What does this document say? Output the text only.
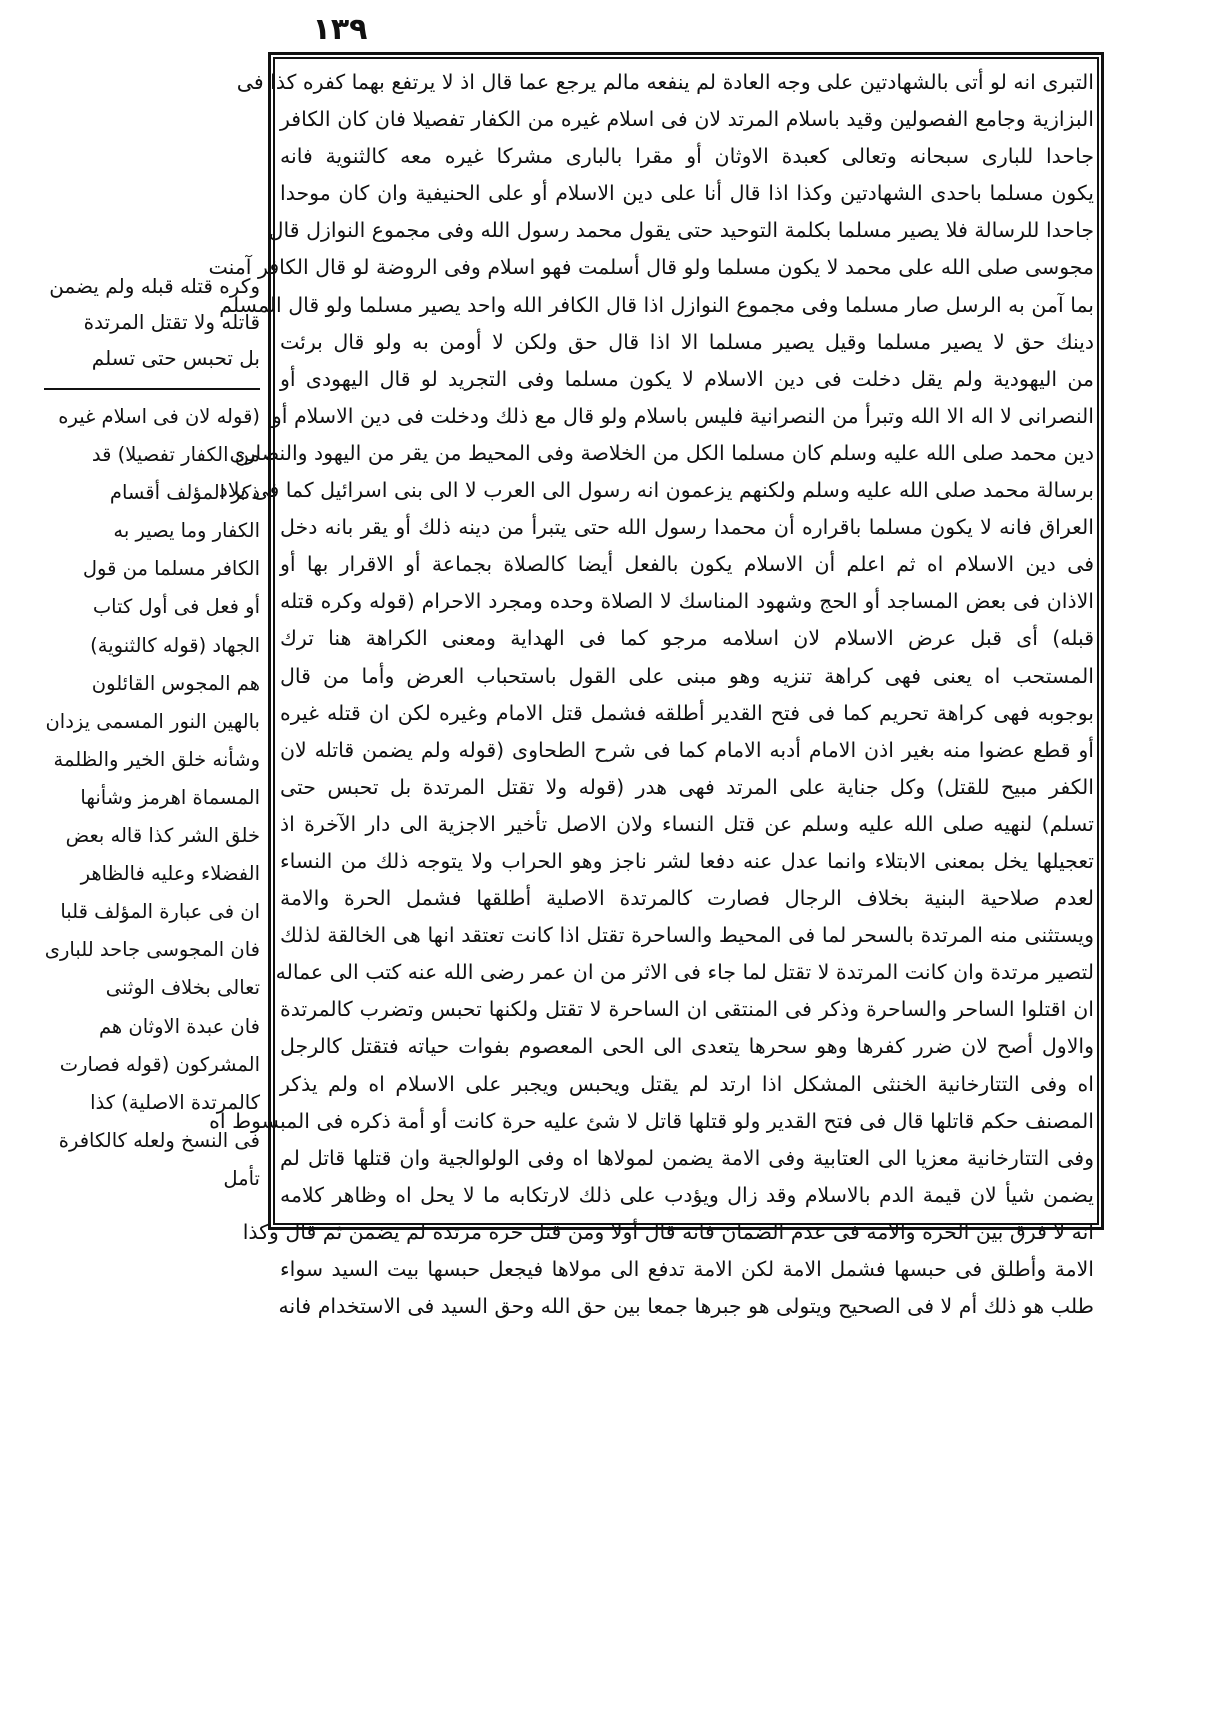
١٣٩
التبرى انه لو أتى بالشهادتين على وجه العادة لم ينفعه مالم يرجع عما قال اذ لا يرتفع بهما كفره كذا فى
البزازية وجامع الفصولين وقيد باسلام المرتد لان فى اسلام غيره من الكفار تفصيلا فان كان الكافر
جاحدا للبارى سبحانه وتعالى كعبدة الاوثان أو مقرا بالبارى مشركا غيره معه كالثنوية فانه
يكون مسلما باحدى الشهادتين وكذا اذا قال أنا على دين الاسلام أو على الحنيفية وان كان موحدا
جاحدا للرسالة فلا يصير مسلما بكلمة التوحيد حتى يقول محمد رسول الله وفى مجموع النوازل قال
مجوسى صلى الله على محمد لا يكون مسلما ولو قال أسلمت فهو اسلام وفى الروضة لو قال الكافر آمنت
بما آمن به الرسل صار مسلما وفى مجموع النوازل اذا قال الكافر الله واحد يصير مسلما ولو قال المسلم
دينك حق لا يصير مسلما وقيل يصير مسلما الا اذا قال حق ولكن لا أومن به ولو قال برئت
من اليهودية ولم يقل دخلت فى دين الاسلام لا يكون مسلما وفى التجريد لو قال اليهودى أو
النصرانى لا اله الا الله وتبرأ من النصرانية فليس باسلام ولو قال مع ذلك ودخلت فى دين الاسلام أو
دين محمد صلى الله عليه وسلم كان مسلما الكل من الخلاصة وفى المحيط من يقر من اليهود والنصارى
برسالة محمد صلى الله عليه وسلم ولكنهم يزعمون انه رسول الى العرب لا الى بنى اسرائيل كما فى بلاد
العراق فانه لا يكون مسلما باقراره أن محمدا رسول الله حتى يتبرأ من دينه ذلك أو يقر بانه دخل
فى دين الاسلام اه ثم اعلم أن الاسلام يكون بالفعل أيضا كالصلاة بجماعة أو الاقرار بها أو
الاذان فى بعض المساجد أو الحج وشهود المناسك لا الصلاة وحده ومجرد الاحرام (قوله وكره قتله
قبله) أى قبل عرض الاسلام لان اسلامه مرجو كما فى الهداية ومعنى الكراهة هنا ترك
المستحب اه يعنى فهى كراهة تنزيه وهو مبنى على القول باستحباب العرض وأما من قال
بوجوبه فهى كراهة تحريم كما فى فتح القدير أطلقه فشمل قتل الامام وغيره لكن ان قتله غيره
أو قطع عضوا منه بغير اذن الامام أدبه الامام كما فى شرح الطحاوى (قوله ولم يضمن قاتله لان
الكفر مبيح للقتل) وكل جناية على المرتد فهى هدر (قوله ولا تقتل المرتدة بل تحبس حتى
تسلم) لنهيه صلى الله عليه وسلم عن قتل النساء ولان الاصل تأخير الاجزية الى دار الآخرة اذ
تعجيلها يخل بمعنى الابتلاء وانما عدل عنه دفعا لشر ناجز وهو الحراب ولا يتوجه ذلك من النساء
لعدم صلاحية البنية بخلاف الرجال فصارت كالمرتدة الاصلية أطلقها فشمل الحرة والامة
ويستثنى منه المرتدة بالسحر لما فى المحيط والساحرة تقتل اذا كانت تعتقد انها هى الخالقة لذلك
لتصير مرتدة وان كانت المرتدة لا تقتل لما جاء فى الاثر من ان عمر رضى الله عنه كتب الى عماله
ان اقتلوا الساحر والساحرة وذكر فى المنتقى ان الساحرة لا تقتل ولكنها تحبس وتضرب كالمرتدة
والاول أصح لان ضرر كفرها وهو سحرها يتعدى الى الحى المعصوم بفوات حياته فتقتل كالرجل
اه وفى التتارخانية الخنثى المشكل اذا ارتد لم يقتل ويحبس ويجبر على الاسلام اه ولم يذكر
المصنف حكم قاتلها قال فى فتح القدير ولو قتلها قاتل لا شئ عليه حرة كانت أو أمة ذكره فى المبسوط اه
وفى التتارخانية معزيا الى العتابية وفى الامة يضمن لمولاها اه وفى الولوالجية وان قتلها قاتل لم
يضمن شيأ لان قيمة الدم بالاسلام وقد زال ويؤدب على ذلك لارتكابه ما لا يحل اه وظاهر كلامه
انه لا فرق بين الحرة والامة فى عدم الضمان فانه قال أولا ومن قتل حرة مرتدة لم يضمن ثم قال وكذا
الامة وأطلق فى حبسها فشمل الامة لكن الامة تدفع الى مولاها فيجعل حبسها بيت السيد سواء
طلب هو ذلك أم لا فى الصحيح ويتولى هو جبرها جمعا بين حق الله وحق السيد فى الاستخدام فانه
وكره قتله قبله ولم يضمن
قاتله ولا تقتل المرتدة
بل تحبس حتى تسلم
(قوله لان فى اسلام غيره
من الكفار تفصيلا) قد
ذكر المؤلف أقسام
الكفار وما يصير به
الكافر مسلما من قول
أو فعل فى أول كتاب
الجهاد (قوله كالثنوية)
هم المجوس القائلون
بالهين النور المسمى يزدان
وشأنه خلق الخير والظلمة
المسماة اهرمز وشأنها
خلق الشر كذا قاله بعض
الفضلاء وعليه فالظاهر
ان فى عبارة المؤلف قلبا
فان المجوسى جاحد للبارى
تعالى بخلاف الوثنى
فان عبدة الاوثان هم
المشركون (قوله فصارت
كالمرتدة الاصلية) كذا
فى النسخ ولعله كالكافرة
تأمل
